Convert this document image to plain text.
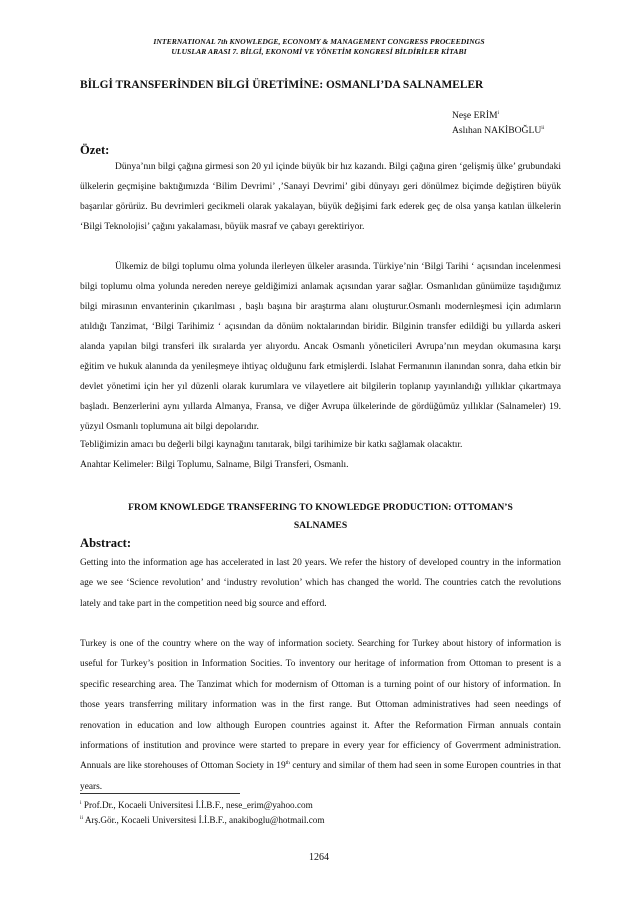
INTERNATIONAL 7th KNOWLEDGE, ECONOMY & MANAGEMENT CONGRESS PROCEEDINGS
ULUSLAR ARASI 7. BİLGİ, EKONOMİ VE YÖNETİM KONGRESİ BİLDİRİLER KİTABI
BİLGİ TRANSFERİNDEN BİLGİ ÜRETİMİNE: OSMANLI’DA SALNAMELER
Neşe ERİM$^i$
Aslıhan NAKİBOĞLU$^{ii}$
Özet:

Dünya’nın bilgi çağına girmesi son 20 yıl içinde büyük bir hız kazandı. Bilgi çağına giren ‘gelişmiş ülke’ grubundaki ülkelerin geçmişine baktığımızda ‘Bilim Devrimi’ ,’Sanayi Devrimi’ gibi dünyayı geri dönülmez biçimde değiştiren büyük başarılar görürüz. Bu devrimleri gecikmeli olarak yakalayan, büyük değişimi fark ederek geç de olsa yanşa katılan ülkelerin ‘Bilgi Teknolojisi’ çağını yakalaması, büyük masraf ve çabayı gerektiriyor.

Ülkemiz de bilgi toplumu olma yolunda ilerleyen ülkeler arasında. Türkiye’nin ‘Bilgi Tarihi ‘ açısından incelenmesi bilgi toplumu olma yolunda nereden nereye geldiğimizi anlamak açısından yarar sağlar. Osmanlıdan günümüze taşıdığımız bilgi mirasının envanterinin çıkarılması , başlı başına bir araştırma alanı oluşturur.Osmanlı modernleşmesi için adımların atıldığı Tanzimat, ‘Bilgi Tarihimiz ‘ açısından da dönüm noktalarından biridir. Bilginin transfer edildiği bu yıllarda askeri alanda yapılan bilgi transferi ilk sıralarda yer alıyordu. Ancak Osmanlı yöneticileri Avrupa’nın meydan okumasına karşı eğitim ve hukuk alanında da yenileşmeye ihtiyaç olduğunu fark etmişlerdi. Islahat Fermanının ilanından sonra, daha etkin bir devlet yönetimi için her yıl düzenli olarak kurumlara ve vilayetlere ait bilgilerin toplanıp yayınlandığı yıllıklar çıkartmaya başladı. Benzerlerini aynı yıllarda Almanya, Fransa, ve diğer Avrupa ülkelerinde de gördüğümüz yıllıklar (Salnameler) 19. yüzyıl Osmanlı toplumuna ait bilgi depolarıdır.

Tebliğimizin amacı bu değerli bilgi kaynağını tanıtarak, bilgi tarihimize bir katkı sağlamak olacaktır.
Anahtar Kelimeler: Bilgi Toplumu, Salname, Bilgi Transferi, Osmanlı.
FROM KNOWLEDGE TRANSFERING TO KNOWLEDGE PRODUCTION: OTTOMAN’S
SALNAMES
Abstract:

Getting into the information age has accelerated in last 20 years. We refer the history of developed country in the information age we see ‘Science revolution’ and ‘industry revolution’ which has changed the world. The countries catch the revolutions lately and take part in the competition need big source and efford.

Turkey is one of the country where on the way of information society. Searching for Turkey about history of information is useful for Turkey’s position in Information Socities. To inventory our heritage of information from Ottoman to present is a specific researching area. The Tanzimat which for modernism of Ottoman is a turning point of our history of information. In those years transferring military information was in the first range. But Ottoman administratives had seen needings of renovation in education and low although Europen countries against it. After the Reformation Firman annuals contain informations of institution and province were started to prepare in every year for efficiency of Goverrment administration. Annuals are like storehouses of Ottoman Society in 19th century and similar of them had seen in some Europen countries in that years.

$^i$ Prof.Dr., Kocaeli Universitesi İ.İ.B.F., nese_erim@yahoo.com
$^{ii}$ Arş.Gör., Kocaeli Universitesi İ.İ.B.F., anakiboglu@hotmail.com
1264
